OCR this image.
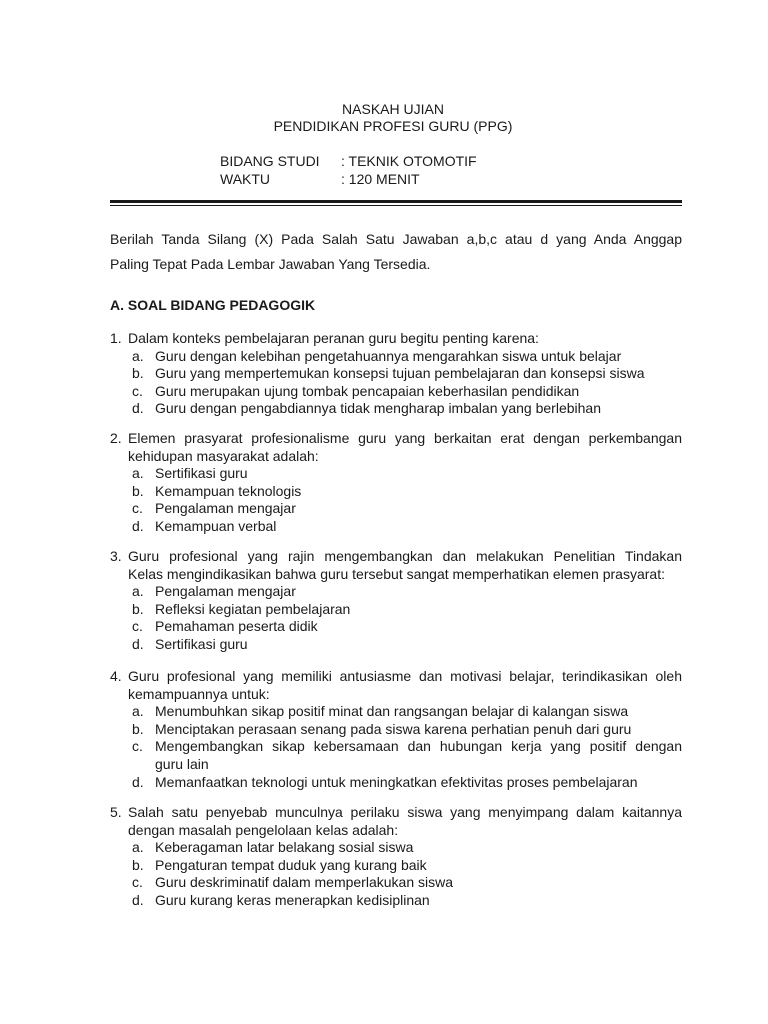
NASKAH UJIAN
PENDIDIKAN PROFESI GURU (PPG)
BIDANG STUDI : TEKNIK OTOMOTIF
WAKTU	: 120 MENIT
Berilah Tanda Silang (X) Pada Salah Satu Jawaban a,b,c atau d yang Anda Anggap
Paling Tepat Pada Lembar Jawaban Yang Tersedia.
A. SOAL BIDANG PEDAGOGIK
1. Dalam konteks pembelajaran peranan guru begitu penting karena:
a. Guru dengan kelebihan pengetahuannya mengarahkan siswa untuk belajar
b. Guru yang mempertemukan konsepsi tujuan pembelajaran dan konsepsi siswa
c. Guru merupakan ujung tombak pencapaian keberhasilan pendidikan
d. Guru dengan pengabdiannya tidak mengharap imbalan yang berlebihan
2. Elemen prasyarat profesionalisme guru yang berkaitan erat dengan perkembangan
kehidupan masyarakat adalah:
a. Sertifikasi guru
b. Kemampuan teknologis
c. Pengalaman mengajar
d. Kemampuan verbal
3. Guru profesional yang rajin mengembangkan dan melakukan Penelitian Tindakan
Kelas mengindikasikan bahwa guru tersebut sangat memperhatikan elemen prasyarat:
a. Pengalaman mengajar
b. Refleksi kegiatan pembelajaran
c. Pemahaman peserta didik
d. Sertifikasi guru
4. Guru profesional yang memiliki antusiasme dan motivasi belajar, terindikasikan oleh
kemampuannya untuk:
a. Menumbuhkan sikap positif minat dan rangsangan belajar di kalangan siswa
b. Menciptakan perasaan senang pada siswa karena perhatian penuh dari guru
c. Mengembangkan sikap kebersamaan dan hubungan kerja yang positif dengan
guru lain
d. Memanfaatkan teknologi untuk meningkatkan efektivitas proses pembelajaran
5. Salah satu penyebab munculnya perilaku siswa yang menyimpang dalam kaitannya
dengan masalah pengelolaan kelas adalah:
a. Keberagaman latar belakang sosial siswa
b. Pengaturan tempat duduk yang kurang baik
c. Guru deskriminatif dalam memperlakukan siswa
d. Guru kurang keras menerapkan kedisiplinan
